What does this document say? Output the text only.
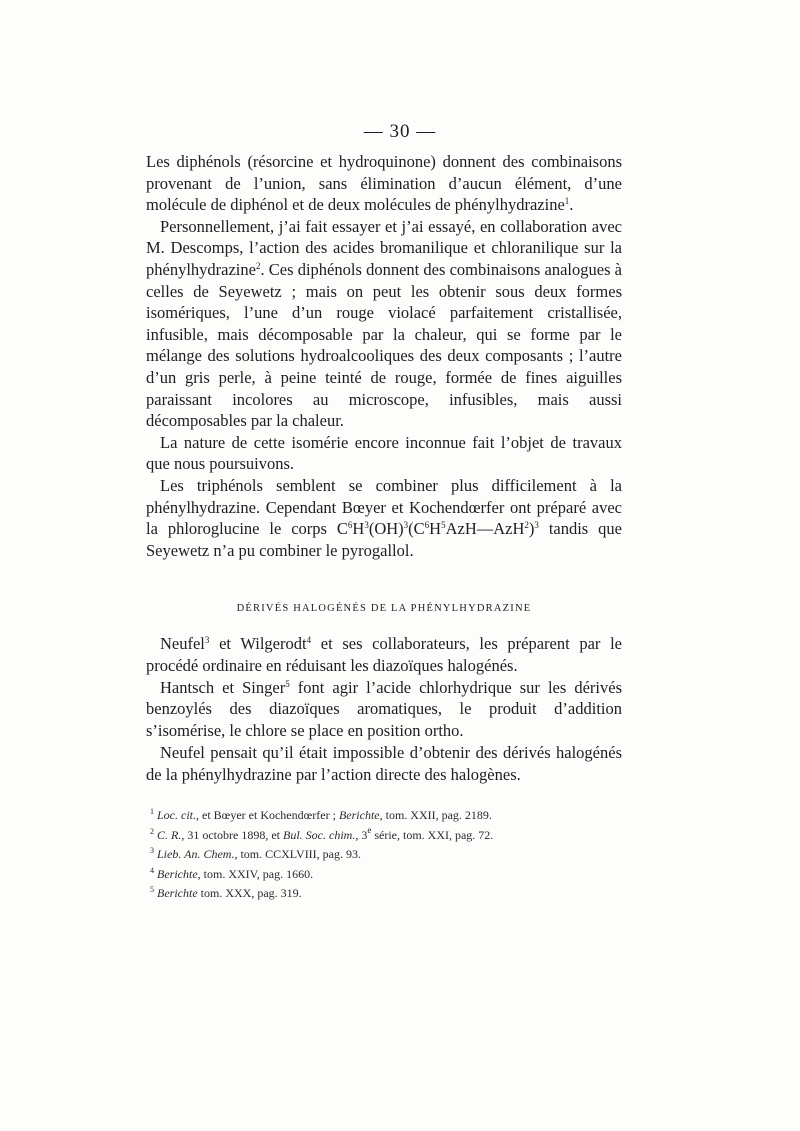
— 30 —

Les diphénols (résorcine et hydroquinone) donnent des combinaisons provenant de l’union, sans élimination d’aucun élément, d’une molécule de diphénol et de deux molécules de phénylhydrazine$^1$.

Personnellement, j’ai fait essayer et j’ai essayé, en collaboration avec M. Descomps, l’action des acides bromanilique et chloranilique sur la phénylhydrazine$^2$. Ces diphénols donnent des combinaisons analogues à celles de Seyewetz ; mais on peut les obtenir sous deux formes isomériques, l’une d’un rouge violacé parfaitement cristallisée, infusible, mais décomposable par la chaleur, qui se forme par le mélange des solutions hydroalcooliques des deux composants ; l’autre d’un gris perle, à peine teinté de rouge, formée de fines aiguilles paraissant incolores au microscope, infusibles, mais aussi décomposables par la chaleur.

La nature de cette isomérie encore inconnue fait l’objet de travaux que nous poursuivons.

Les triphénols semblent se combiner plus difficilement à la phénylhydrazine. Cependant Bœyer et Kochendœrfer ont préparé avec la phloroglucine le corps $C^6H^3(OH)^3(C^6H^5AzH—AzH^2)^3$ tandis que Seyewetz n’a pu combiner le pyrogallol.

DÉRIVÉS HALOGÉNÉS DE LA PHÉNYLHYDRAZINE

Neufel$^3$ et Wilgerodt$^4$ et ses collaborateurs, les préparent par le procédé ordinaire en réduisant les diazoïques halogénés.

Hantsch et Singer$^5$ font agir l’acide chlorhydrique sur les dérivés benzoylés des diazoïques aromatiques, le produit d’addition s’isomérise, le chlore se place en position ortho.

Neufel pensait qu’il était impossible d’obtenir des dérivés halogénés de la phénylhydrazine par l’action directe des halogènes.

$^1$ Loc. cit., et Bœyer et Kochendœrfer ; Berichte, tom. XXII, pag. 2189.
$^2$ C. R., 31 octobre 1898, et Bul. Soc. chim., 3e série, tom. XXI, pag. 72.
$^3$ Lieb. An. Chem., tom. CCXLVIII, pag. 93.
$^4$ Berichte, tom. XXIV, pag. 1660.
$^5$ Berichte tom. XXX, pag. 319.
